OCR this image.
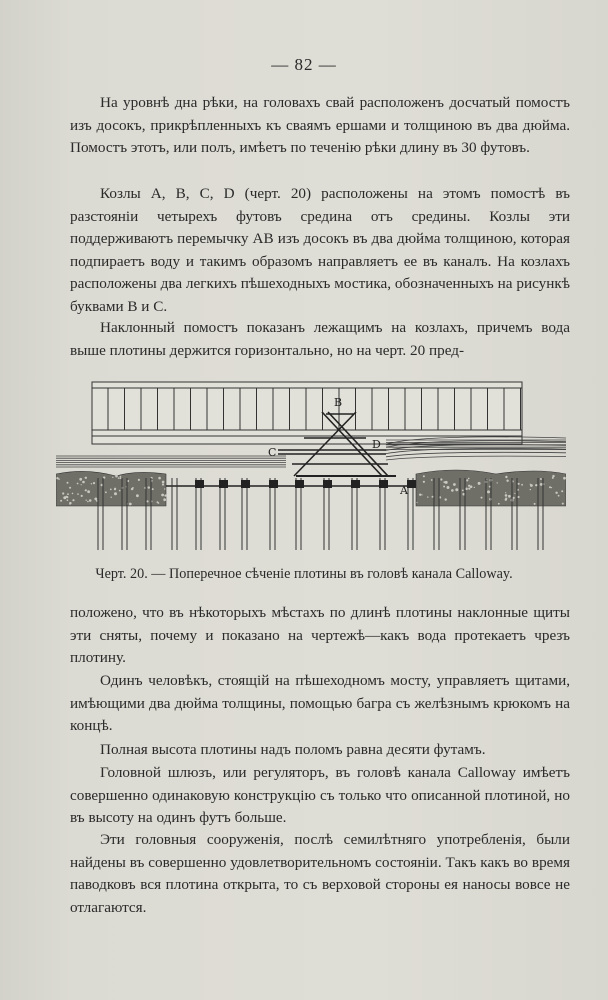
— 82 —

На уровнѣ дна рѣки, на головахъ свай расположенъ досчатый помостъ изъ досокъ, прикрѣпленныхъ къ сваямъ ершами и толщиною въ два дюйма. Помостъ этотъ, или полъ, имѣетъ по теченію рѣки длину въ 30 футовъ.

Козлы А, В, С, D (черт. 20) расположены на этомъ помостѣ въ разстояніи четырехъ футовъ средина отъ средины. Козлы эти поддерживаютъ перемычку АВ изъ досокъ въ два дюйма толщиною, которая подпираетъ воду и такимъ образомъ направляетъ ее въ каналъ. На козлахъ расположены два легкихъ пѣшеходныхъ мостика, обозначенныхъ на рисункѣ буквами В и С.

Наклонный помостъ показанъ лежащимъ на козлахъ, причемъ вода выше плотины держится горизонтально, но на черт. 20 пред-

B
C
D
A
Черт. 20. — Поперечное сѣченіе плотины въ головѣ канала Calloway.

положено, что въ нѣкоторыхъ мѣстахъ по длинѣ плотины наклонные щиты эти сняты, почему и показано на чертежѣ—какъ вода протекаетъ чрезъ плотину.

Одинъ человѣкъ, стоящій на пѣшеходномъ мосту, управляетъ щитами, имѣющими два дюйма толщины, помощью багра съ желѣзнымъ крюкомъ на концѣ.

Полная высота плотины надъ поломъ равна десяти футамъ.

Головной шлюзъ, или регуляторъ, въ головѣ канала Calloway имѣетъ совершенно одинаковую конструкцію съ только что описанной плотиной, но въ высоту на одинъ футъ больше.

Эти головныя сооруженія, послѣ семилѣтняго употребленія, были найдены въ совершенно удовлетворительномъ состояніи. Такъ какъ во время паводковъ вся плотина открыта, то съ верховой стороны ея наносы вовсе не отлагаются.
